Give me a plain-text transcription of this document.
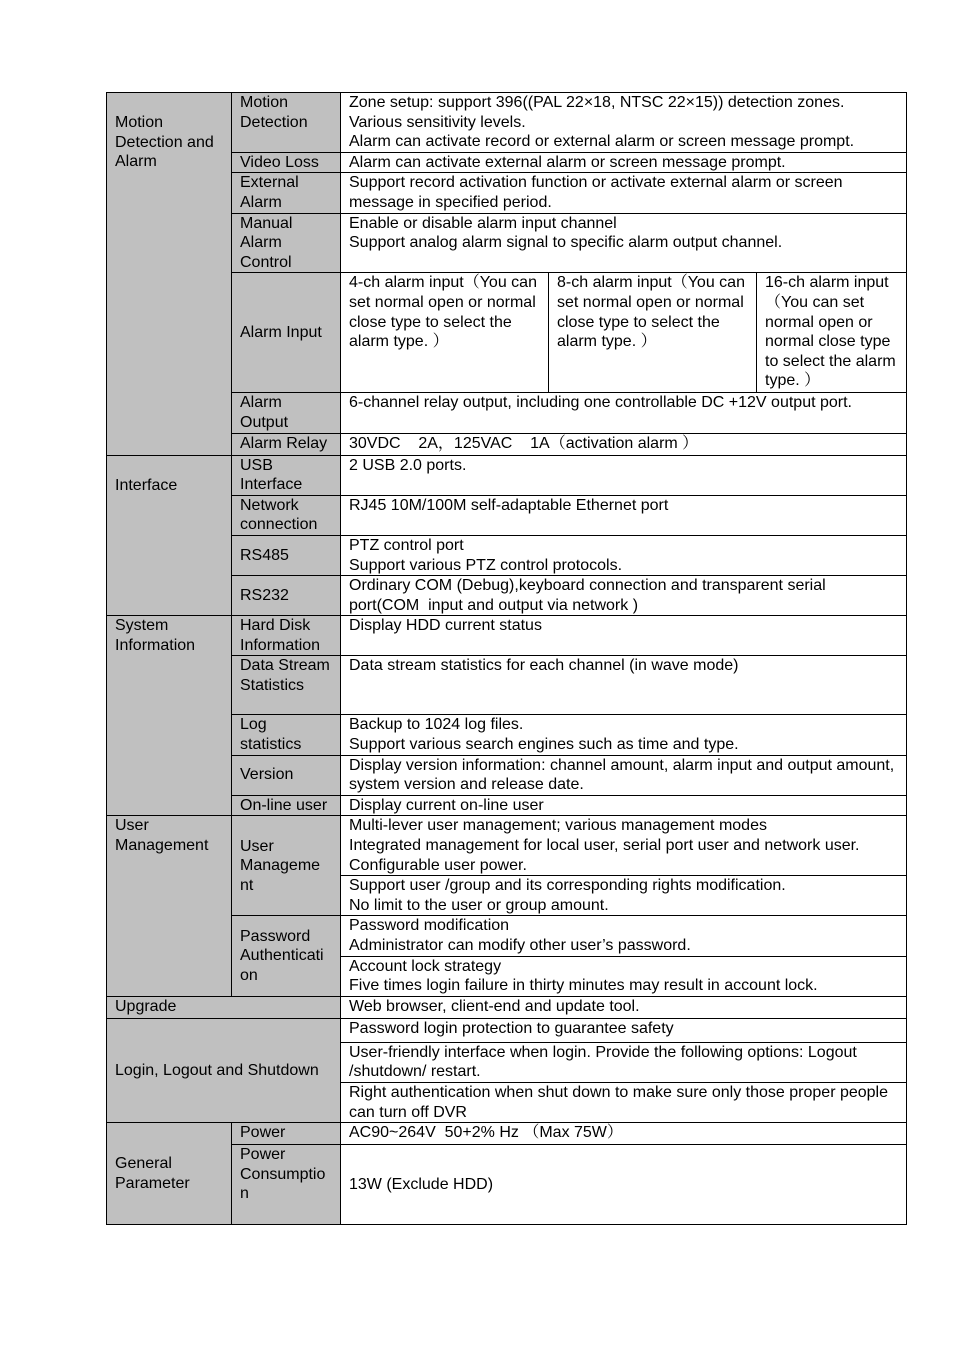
Motion Detection and Alarm	Motion Detection	Zone setup: support 396((PAL 22×18, NTSC 22×15)) detection zones.
Various sensitivity levels.
Alarm can activate record or external alarm or screen message prompt.		

	Video Loss	Alarm can activate external alarm or screen message prompt.		

	External Alarm	Support record activation function or activate external alarm or screen message in specified period.		

	Manual Alarm Control	Enable or disable alarm input channel
Support analog alarm signal to specific alarm output channel.		

	Alarm Input	4-ch alarm input（You can set normal open or normal close type to select the alarm type. ）	8-ch alarm input（You can set normal open or normal close type to select the alarm type. ）	16-ch alarm input（You can set normal open or normal close type to select the alarm type. ）

	Alarm Output	6-channel relay output, including one controllable DC +12V output port.		

	Alarm Relay	30VDC    2A，125VAC    1A（activation alarm ）		

Interface	USB Interface	2 USB 2.0 ports.		

	Network connection	RJ45 10M/100M self-adaptable Ethernet port		

	RS485	PTZ control port
Support various PTZ control protocols.		

	RS232	Ordinary COM (Debug),keyboard connection and transparent serial port(COM  input and output via network )		

System Information	Hard Disk Information	Display HDD current status		

	Data Stream Statistics	Data stream statistics for each channel (in wave mode)		

	Log statistics	Backup to 1024 log files.
Support various search engines such as time and type.		

	Version	Display version information: channel amount, alarm input and output amount, system version and release date.		

	On-line user	Display current on-line user		

User Management	User Manageme nt	Multi-lever user management; various management modes
Integrated management for local user, serial port user and network user.
Configurable user power.		

		Support user /group and its corresponding rights modification.
No limit to the user or group amount.		

	Password Authenticati on	Password modification
Administrator can modify other user’s password.		

		Account lock strategy
Five times login failure in thirty minutes may result in account lock.		

Upgrade		Web browser, client-end and update tool.		

Login, Logout and Shutdown		Password login protection to guarantee safety		

		User-friendly interface when login. Provide the following options: Logout /shutdown/ restart.		

		Right authentication when shut down to make sure only those proper people can turn off DVR		

General Parameter	Power	AC90~264V  50+2% Hz （Max 75W）		

	Power Consumptio n	13W (Exclude HDD)		
